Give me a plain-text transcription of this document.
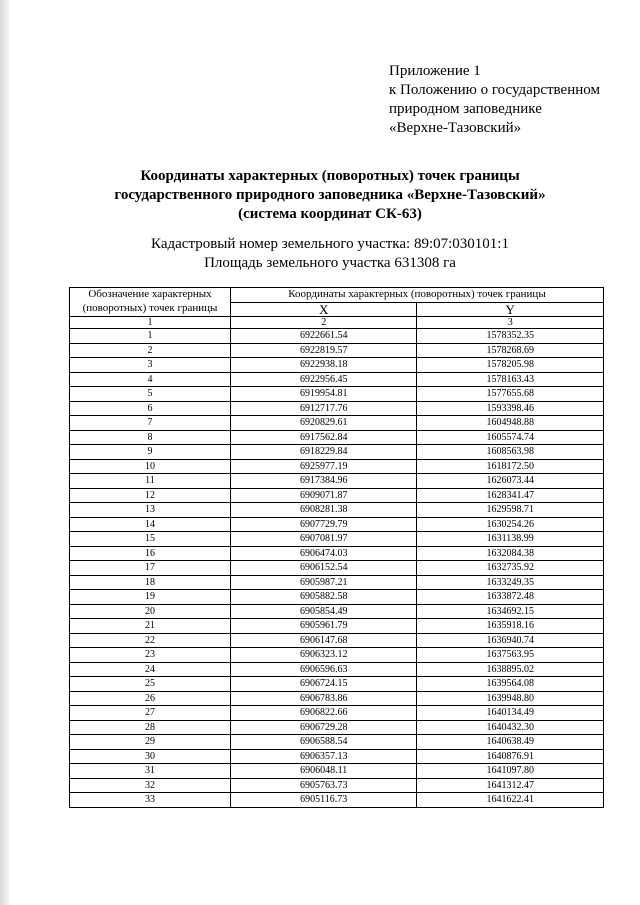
Приложение 1
к Положению о государственном
природном заповеднике
«Верхне-Тазовский»
Координаты характерных (поворотных) точек границы
государственного природного заповедника «Верхне-Тазовский»
(система координат СК-63)
Кадастровый номер земельного участка: 89:07:030101:1
Площадь земельного участка 631308 га
Обозначение характерных (поворотных) точек границы	Координаты характерных (поворотных) точек границы	
	X	Y
1	2	3
1	6922661.54	1578352.35
2	6922819.57	1578268.69
3	6922938.18	1578205.98
4	6922956.45	1578163.43
5	6919954.81	1577655.68
6	6912717.76	1593398.46
7	6920829.61	1604948.88
8	6917562.84	1605574.74
9	6918229.84	1608563.98
10	6925977.19	1618172.50
11	6917384.96	1626073.44
12	6909071.87	1628341.47
13	6908281.38	1629598.71
14	6907729.79	1630254.26
15	6907081.97	1631138.99
16	6906474.03	1632084.38
17	6906152.54	1632735.92
18	6905987.21	1633249.35
19	6905882.58	1633872.48
20	6905854.49	1634692.15
21	6905961.79	1635918.16
22	6906147.68	1636940.74
23	6906323.12	1637563.95
24	6906596.63	1638895.02
25	6906724.15	1639564.08
26	6906783.86	1639948.80
27	6906822.66	1640134.49
28	6906729.28	1640432.30
29	6906588.54	1640638.49
30	6906357.13	1640876.91
31	6906048.11	1641097.80
32	6905763.73	1641312.47
33	6905116.73	1641622.41
